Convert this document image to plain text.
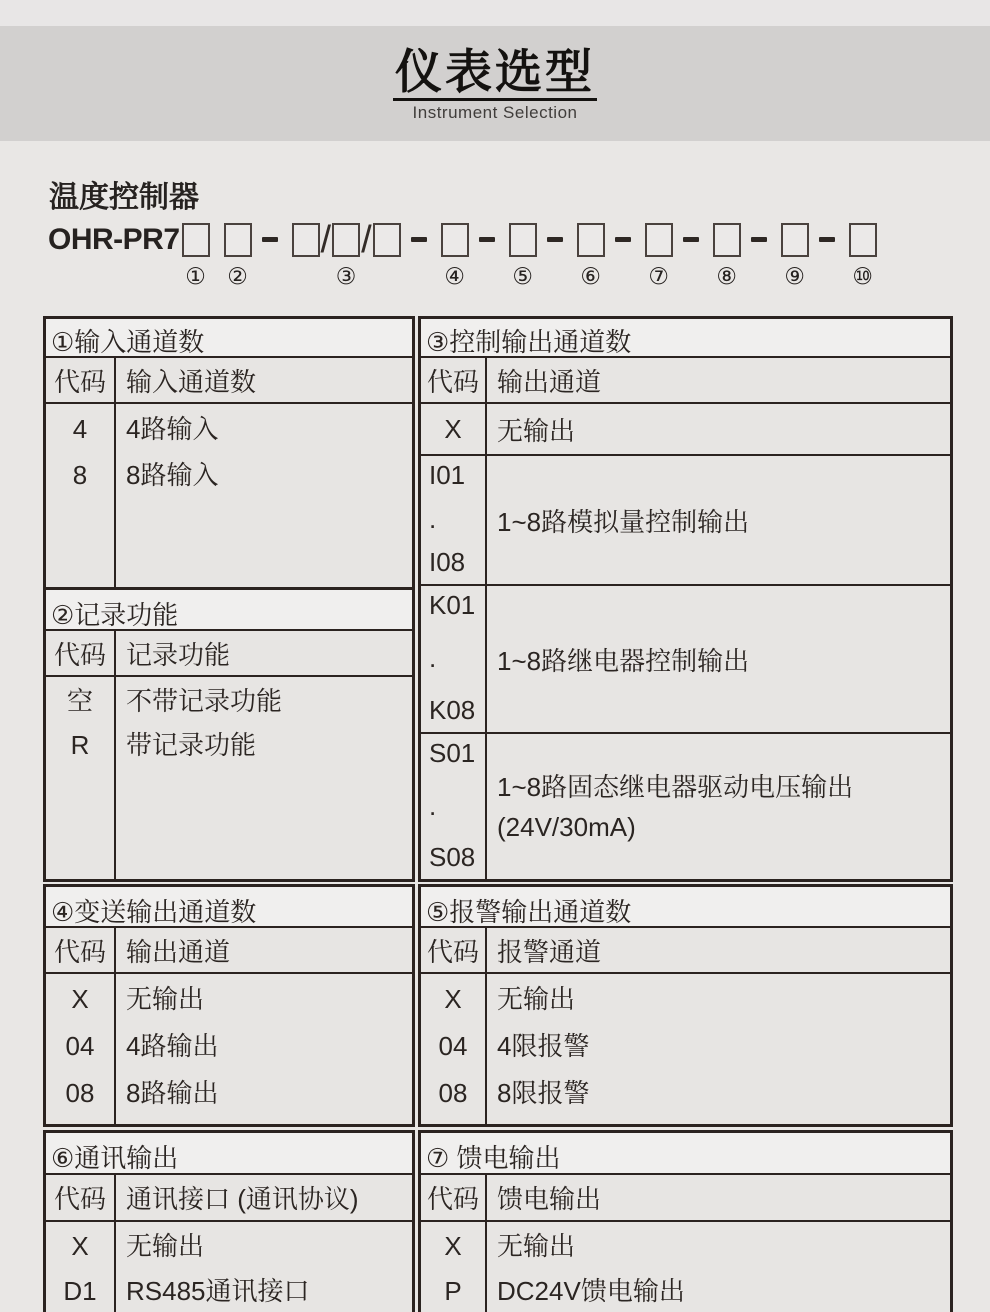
仪表选型
Instrument Selection
温度控制器
OHR-PR7
① ②
/ /
③	④ ⑤ ⑥ ⑦ ⑧ ⑨ ⑩
①输入通道数
代码 输入通道数
4
8
4路输入
8路输入
②记录功能
代码 记录功能
空
R
不带记录功能
带记录功能
③控制输出通道数
代码 输出通道
X 无输出
I01
.
I08
1~8路模拟量控制输出
K01
.
K08
1~8路继电器控制输出
S01
.
S08
1~8路固态继电器驱动电压输出
(24V/30mA)
④变送输出通道数
代码 输出通道
X
04
08
无输出
4路输出
8路输出
⑤报警输出通道数
代码 报警通道
X
04
08
无输出
4限报警
8限报警
⑥通讯输出
代码 通讯接口 (通讯协议)
X
D1
无输出
RS485通讯接口
⑦ 馈电输出
代码 馈电输出
X
P
无输出
DC24V馈电输出
